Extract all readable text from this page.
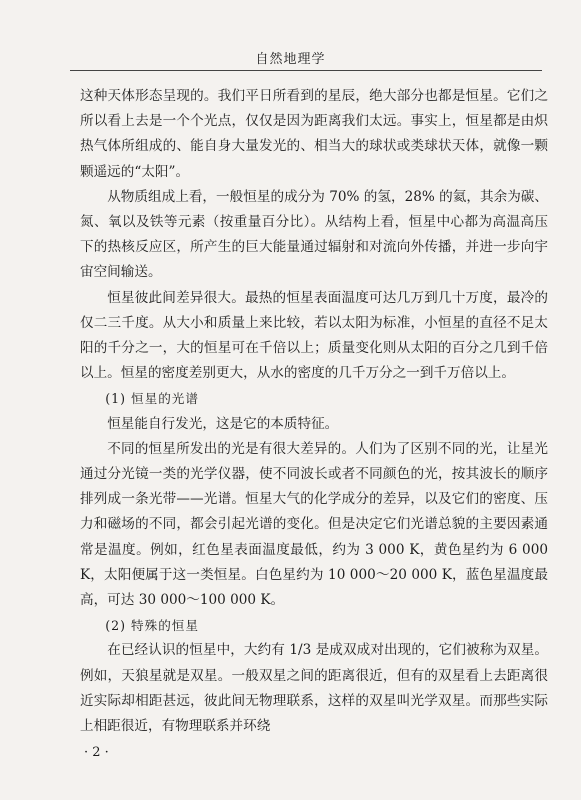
自然地理学

这种天体形态呈现的。我们平日所看到的星辰，绝大部分也都是恒星。它们之所以看上去是一个个光点，仅仅是因为距离我们太远。事实上，恒星都是由炽热气体所组成的、能自身大量发光的、相当大的球状或类球状天体，就像一颗颗遥远的“太阳”。

从物质组成上看，一般恒星的成分为 70% 的氢，28% 的氦，其余为碳、氮、氧以及铁等元素（按重量百分比）。从结构上看，恒星中心都为高温高压下的热核反应区，所产生的巨大能量通过辐射和对流向外传播，并进一步向宇宙空间输送。

恒星彼此间差异很大。最热的恒星表面温度可达几万到几十万度，最冷的仅二三千度。从大小和质量上来比较，若以太阳为标准，小恒星的直径不足太阳的千分之一，大的恒星可在千倍以上；质量变化则从太阳的百分之几到千倍以上。恒星的密度差别更大，从水的密度的几千万分之一到千万倍以上。

(1) 恒星的光谱

恒星能自行发光，这是它的本质特征。

不同的恒星所发出的光是有很大差异的。人们为了区别不同的光，让星光通过分光镜一类的光学仪器，使不同波长或者不同颜色的光，按其波长的顺序排列成一条光带——光谱。恒星大气的化学成分的差异，以及它们的密度、压力和磁场的不同，都会引起光谱的变化。但是决定它们光谱总貌的主要因素通常是温度。例如，红色星表面温度最低，约为 3 000 K，黄色星约为 6 000 K，太阳便属于这一类恒星。白色星约为 10 000～20 000 K，蓝色星温度最高，可达 30 000～100 000 K。

(2) 特殊的恒星

在已经认识的恒星中，大约有 1/3 是成双成对出现的，它们被称为双星。例如，天狼星就是双星。一般双星之间的距离很近，但有的双星看上去距离很近实际却相距甚远，彼此间无物理联系，这样的双星叫光学双星。而那些实际上相距很近，有物理联系并环绕

· 2 ·
